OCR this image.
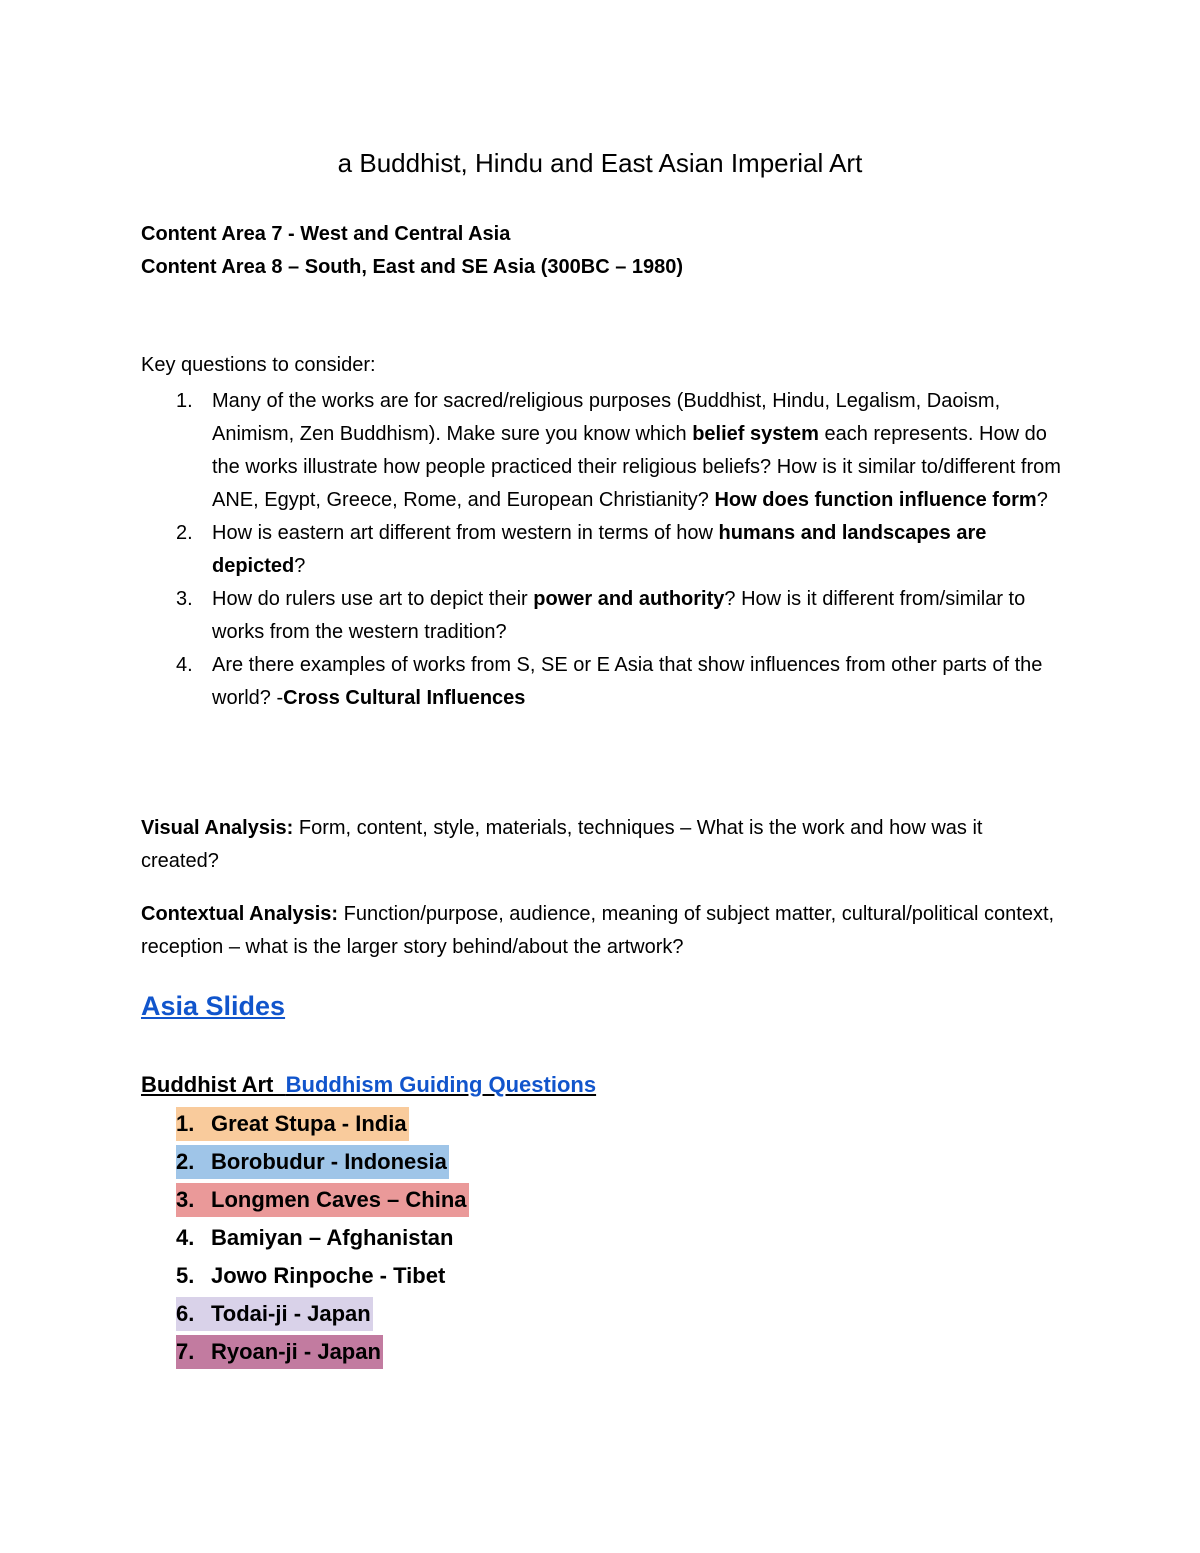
a Buddhist, Hindu and East Asian Imperial Art
Content Area 7 - West and Central Asia
Content Area 8 – South, East and SE Asia (300BC – 1980)
Key questions to consider:
1. Many of the works are for sacred/religious purposes (Buddhist, Hindu, Legalism, Daoism, Animism, Zen Buddhism). Make sure you know which belief system each represents. How do the works illustrate how people practiced their religious beliefs? How is it similar to/different from ANE, Egypt, Greece, Rome, and European Christianity? How does function influence form?
2. How is eastern art different from western in terms of how humans and landscapes are depicted?
3. How do rulers use art to depict their power and authority? How is it different from/similar to works from the western tradition?
4. Are there examples of works from S, SE or E Asia that show influences from other parts of the world? -Cross Cultural Influences
Visual Analysis: Form, content, style, materials, techniques – What is the work and how was it created?
Contextual Analysis: Function/purpose, audience, meaning of subject matter, cultural/political context, reception – what is the larger story behind/about the artwork?
Asia Slides
Buddhist Art  Buddhism Guiding Questions
1. Great Stupa - India
2. Borobudur - Indonesia
3. Longmen Caves – China
4. Bamiyan – Afghanistan
5. Jowo Rinpoche - Tibet
6. Todai-ji - Japan
7. Ryoan-ji - Japan
